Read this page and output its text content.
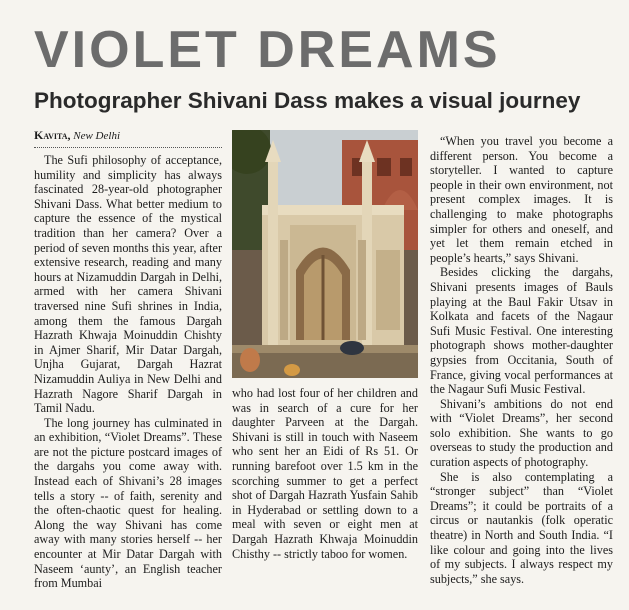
VIOLET DREAMS
Photographer Shivani Dass makes a visual journey
Kavita, New Delhi

The Sufi philosophy of acceptance, humility and simplicity has always fascinated 28-year-old photographer Shivani Dass. What better medium to capture the essence of the mystical tradition than her camera? Over a period of seven months this year, after extensive research, reading and many hours at Nizamuddin Dargah in Delhi, armed with her camera Shivani traversed nine Sufi shrines in India, among them the famous Dargah Hazrath Khwaja Moinuddin Chishty in Ajmer Sharif, Mir Datar Dargah, Unjha Gujarat, Dargah Hazrat Nizamuddin Auliya in New Delhi and Hazrath Nagore Sharif Dargah in Tamil Nadu.

The long journey has culminated in an exhibition, “Violet Dreams”. These are not the picture postcard images of the dargahs you come away with. Instead each of Shivani’s 28 images tells a story -- of faith, serenity and the often-chaotic quest for healing. Along the way Shivani has come away with many stories herself -- her encounter at Mir Datar Dargah with Naseem ‘aunty’, an English teacher from Mumbai

who had lost four of her children and was in search of a cure for her daughter Parveen at the Dargah. Shivani is still in touch with Naseem who sent her an Eidi of Rs 51. Or running barefoot over 1.5 km in the scorching summer to get a perfect shot of Dargah Hazrath Yusfain Sahib in Hyderabad or settling down to a meal with seven or eight men at Dargah Hazrath Khwaja Moinuddin Chisthy -- strictly taboo for women.

“When you travel you become a different person. You become a storyteller. I wanted to capture people in their own environment, not present complex images. It is challenging to make photographs simpler for others and oneself, and yet let them remain etched in people’s hearts,” says Shivani.

Besides clicking the dargahs, Shivani presents images of Bauls playing at the Baul Fakir Utsav in Kolkata and facets of the Nagaur Sufi Music Festival. One interesting photograph shows mother-daughter gypsies from Occitania, South of France, giving vocal performances at the Nagaur Sufi Music Festival.

Shivani’s ambitions do not end with “Violet Dreams”, her second solo exhibition. She wants to go overseas to study the production and curation aspects of photography.

She is also contemplating a “stronger subject” than “Violet Dreams”; it could be portraits of a circus or nautankis (folk operatic theatre) in North and South India. “I like colour and going into the lives of my subjects. I always respect my subjects,” she says.
